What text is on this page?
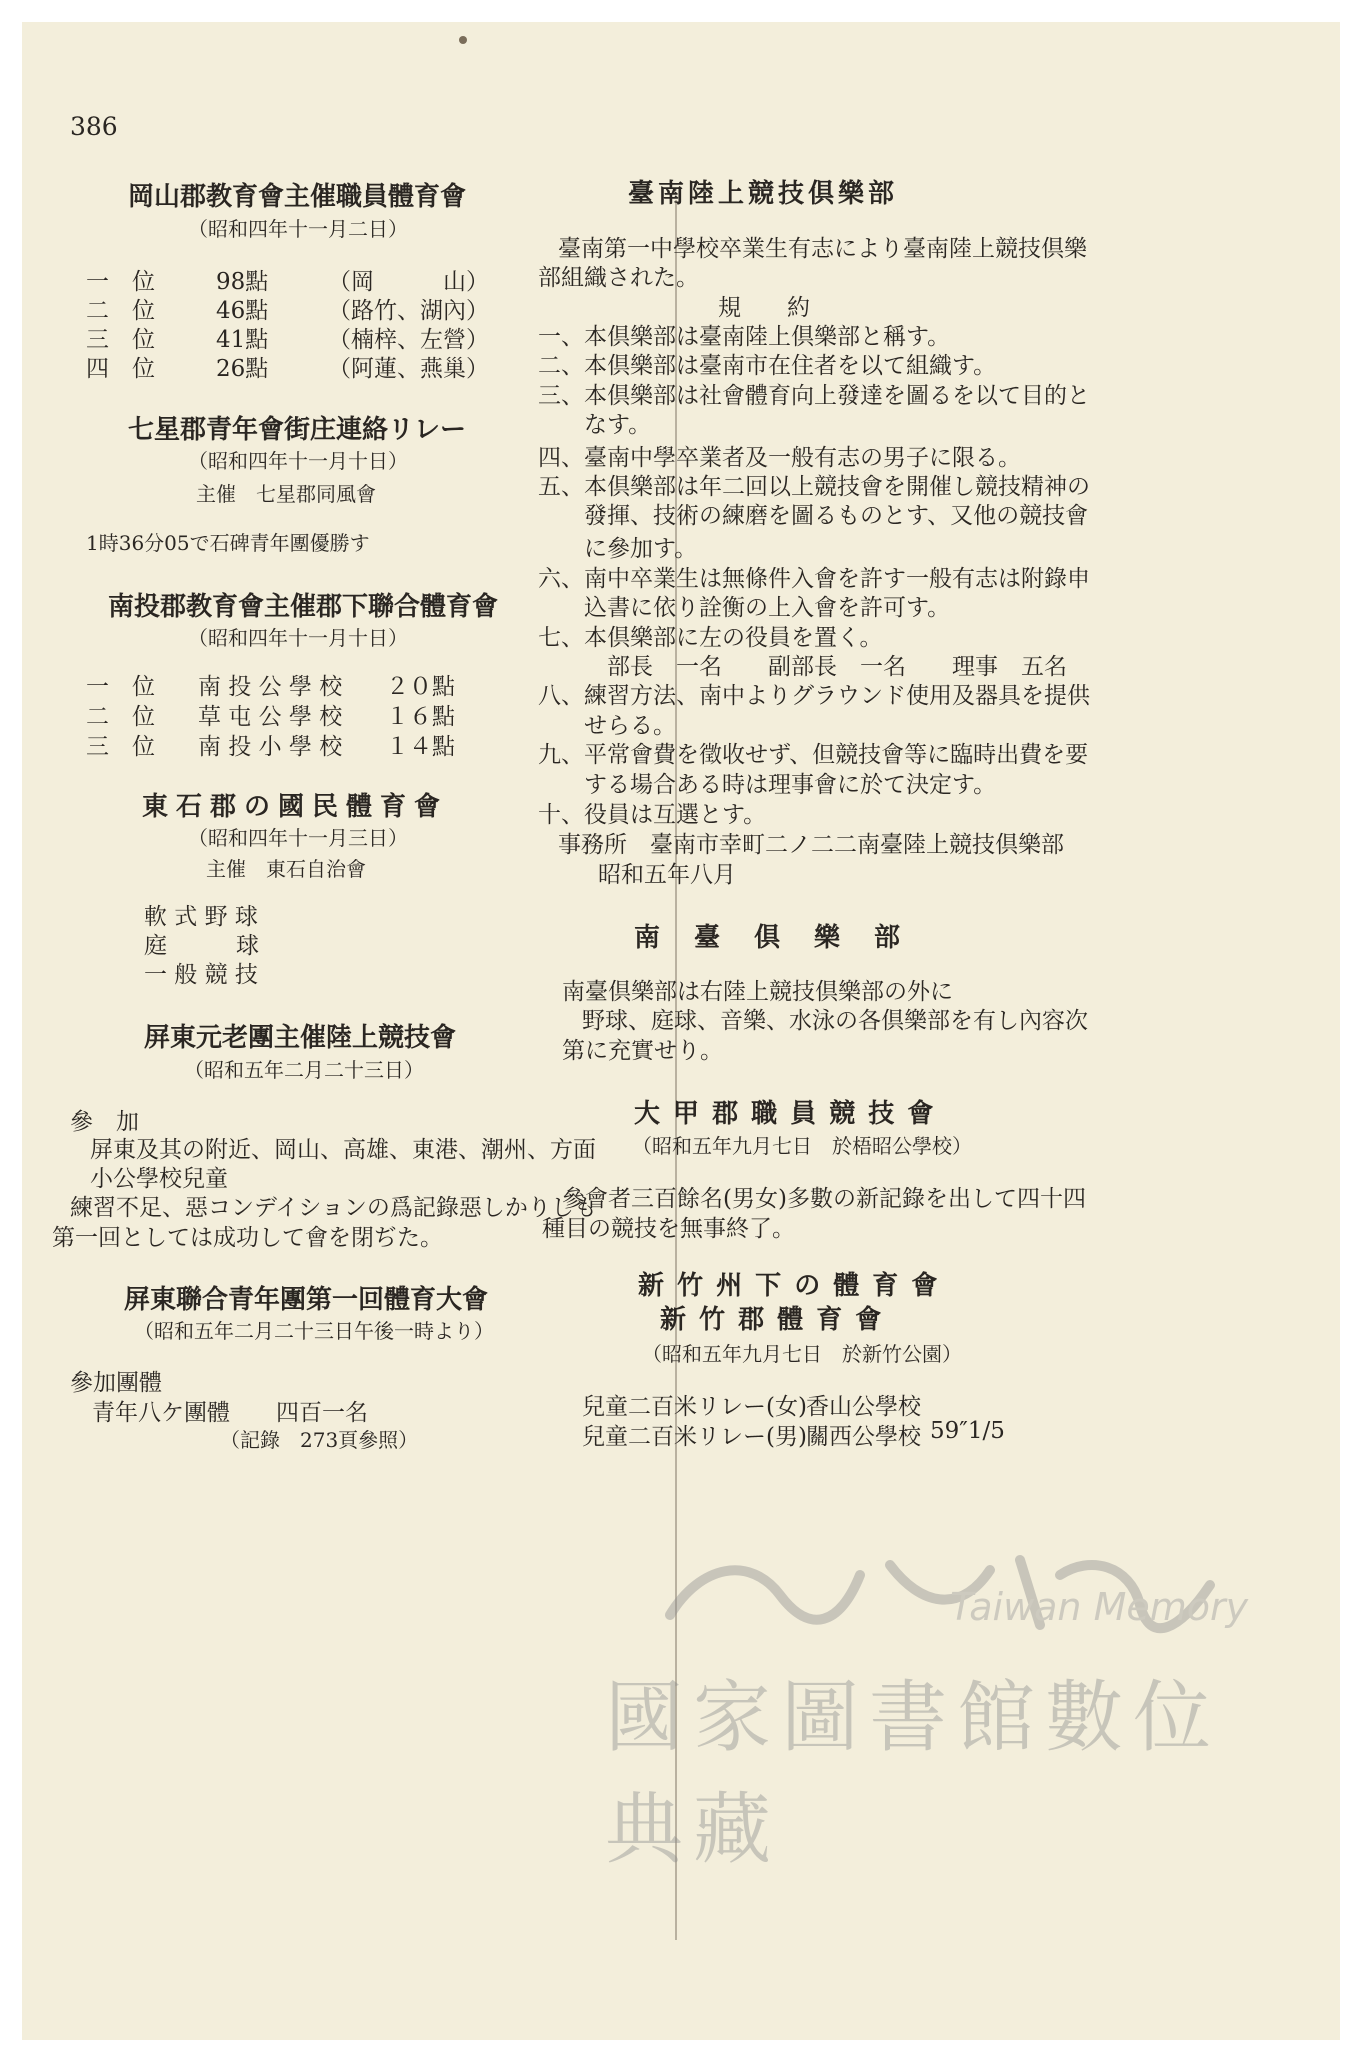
386
岡山郡教育會主催職員體育會
（昭和四年十一月二日）
一　位	98點	（岡　　　山）
二　位	46點	（路竹、湖內）
三　位	41點	（楠梓、左營）
四　位	26點	（阿蓮、燕巢）
七星郡青年會街庄連絡リレー
（昭和四年十一月十日）
主催　七星郡同風會
1時36分05で石碑青年團優勝す
南投郡教育會主催郡下聯合體育會
（昭和四年十一月十日）
一　位 南 投 公 學 校 ２０點
二　位 草 屯 公 學 校 １６點
三　位 南 投 小 學 校 １４點
東石郡の國民體育會
（昭和四年十一月三日）
主催　東石自治會
軟 式 野 球
庭　　　球
一 般 競 技
屏東元老團主催陸上競技會
（昭和五年二月二十三日）
參　加
屏東及其の附近、岡山、高雄、東港、潮州、方面
小公學校兒童
練習不足、惡コンデイションの爲記錄惡しかりしも
第一回としては成功して會を閉ぢた。
屏東聯合青年團第一回體育大會
（昭和五年二月二十三日午後一時より）
參加團體
青年八ケ團體　　四百一名
（記錄　273頁參照）
臺南陸上競技倶樂部
臺南第一中學校卒業生有志により臺南陸上競技倶樂
部組織された。
規　　約
一、本倶樂部は臺南陸上倶樂部と稱す。
二、本倶樂部は臺南市在住者を以て組織す。
三、本倶樂部は社會體育向上發達を圖るを以て目的と
　　なす。
四、臺南中學卒業者及一般有志の男子に限る。
五、本倶樂部は年二回以上競技會を開催し競技精神の
　　發揮、技術の練磨を圖るものとす、又他の競技會
　　に參加す。
六、南中卒業生は無條件入會を許す一般有志は附錄申
　　込書に依り詮衡の上入會を許可す。
七、本倶樂部に左の役員を置く。
　　　部長　一名　　副部長　一名　　理事　五名
八、練習方法、南中よりグラウンド使用及器具を提供
　　せらる。
九、平常會費を徵收せず、但競技會等に臨時出費を要
　　する場合ある時は理事會に於て決定す。
十、役員は互選とす。
事務所　臺南市幸町二ノ二二南臺陸上競技倶樂部
昭和五年八月
南　臺　倶　樂　部
南臺倶樂部は右陸上競技倶樂部の外に
野球、庭球、音樂、水泳の各倶樂部を有し內容次
第に充實せり。
大 甲 郡 職 員 競 技 會
（昭和五年九月七日　於梧昭公學校）
參會者三百餘名(男女)多數の新記錄を出して四十四
種目の競技を無事終了。
新 竹 州 下 の 體 育 會
新 竹 郡 體 育 會
（昭和五年九月七日　於新竹公園）
兒童二百米リレー(女) 香山公學校
兒童二百米リレー(男) 關西公學校 59″1/5
Taiwan Memory
國家圖書館數位典藏
